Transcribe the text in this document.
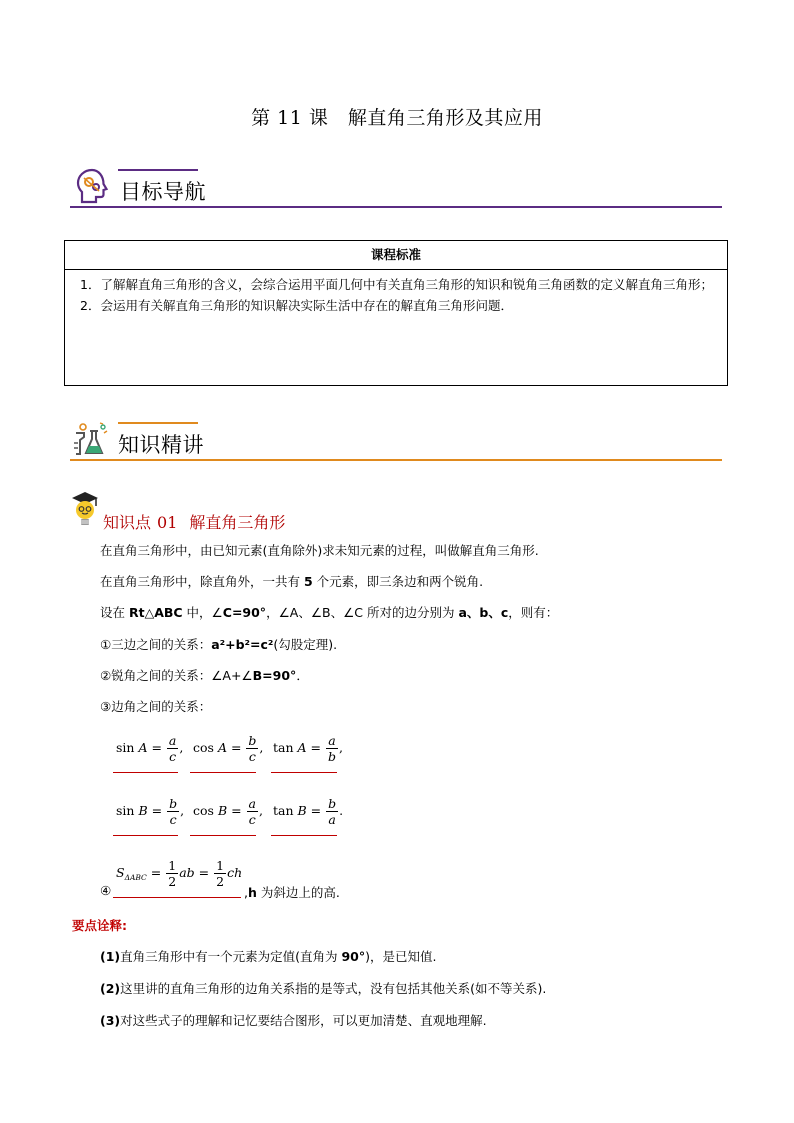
第 11 课　解直角三角形及其应用
目标导航
课程标准
1．了解解直角三角形的含义，会综合运用平面几何中有关直角三角形的知识和锐角三角函数的定义解直角三角形；
2．会运用有关解直角三角形的知识解决实际生活中存在的解直角三角形问题．
知识精讲
知识点 01 解直角三角形
在直角三角形中，由已知元素(直角除外)求未知元素的过程，叫做解直角三角形.
在直角三角形中，除直角外，一共有 5 个元素，即三条边和两个锐角.
设在 Rt△ABC 中，∠C=90°，∠A、∠B、∠C 所对的边分别为 a、b、c，则有：
①三边之间的关系：a²+b²=c²(勾股定理).
②锐角之间的关系：∠A+∠B=90°．
③边角之间的关系：
$\sin A = \frac{a}{c}$ , $\cos A = \frac{b}{c}$ , $\tan A = \frac{a}{b}$ ,
$\sin B = \frac{b}{c}$ , $\cos B = \frac{a}{c}$ , $\tan B = \frac{b}{a}$ .
④
$S_{\Delta ABC} = \frac{1}{2}$ ab = $\frac{1}{2}$ ch
,h 为斜边上的高.
要点诠释:
(1)直角三角形中有一个元素为定值(直角为 90°)，是已知值.
(2)这里讲的直角三角形的边角关系指的是等式，没有包括其他关系(如不等关系).
(3)对这些式子的理解和记忆要结合图形，可以更加清楚、直观地理解.
